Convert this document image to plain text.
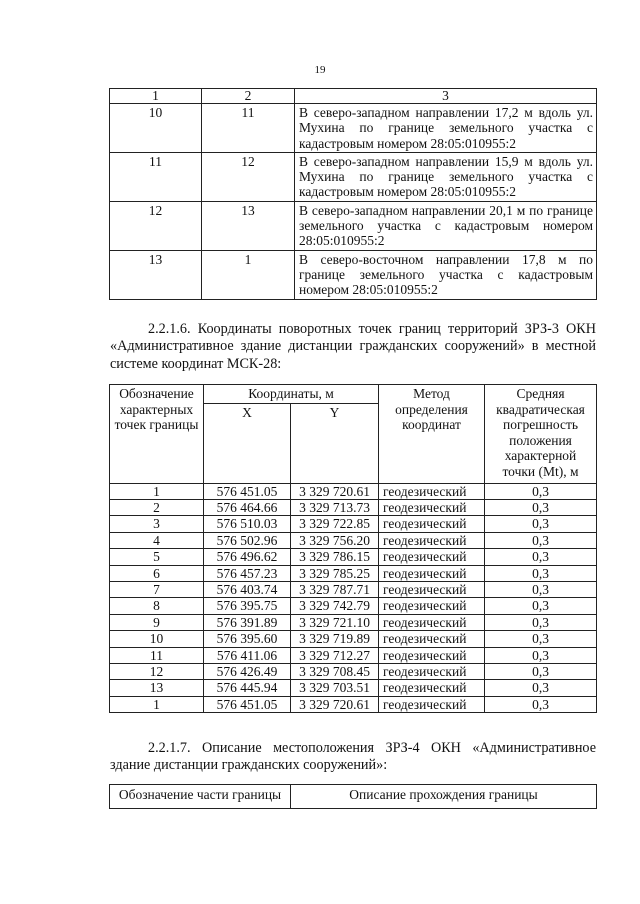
19
1	2	3
10	11	В северо-западном направлении 17,2 м вдоль ул. Мухина по границе земельного участка с кадастровым номером 28:05:010955:2
11	12	В северо-западном направлении 15,9 м вдоль ул. Мухина по границе земельного участка с кадастровым номером 28:05:010955:2
12	13	В северо-западном направлении 20,1 м по границе земельного участка с кадастровым номером 28:05:010955:2
13	1	В северо-восточном направлении 17,8 м по границе земельного участка с кадастровым номером 28:05:010955:2
2.2.1.6. Координаты поворотных точек границ территорий ЗРЗ-3 ОКН «Административное здание дистанции гражданских сооружений» в местной системе координат МСК-28:
Обозначение характерных точек границы	Координаты, м		Метод определения координат	Средняя квадратическая погрешность положения характерной точки (Mt), м
	X	Y		
1	576 451.05	3 329 720.61	геодезический	0,3
2	576 464.66	3 329 713.73	геодезический	0,3
3	576 510.03	3 329 722.85	геодезический	0,3
4	576 502.96	3 329 756.20	геодезический	0,3
5	576 496.62	3 329 786.15	геодезический	0,3
6	576 457.23	3 329 785.25	геодезический	0,3
7	576 403.74	3 329 787.71	геодезический	0,3
8	576 395.75	3 329 742.79	геодезический	0,3
9	576 391.89	3 329 721.10	геодезический	0,3
10	576 395.60	3 329 719.89	геодезический	0,3
11	576 411.06	3 329 712.27	геодезический	0,3
12	576 426.49	3 329 708.45	геодезический	0,3
13	576 445.94	3 329 703.51	геодезический	0,3
1	576 451.05	3 329 720.61	геодезический	0,3
2.2.1.7. Описание местоположения ЗРЗ-4 ОКН «Административное здание дистанции гражданских сооружений»:
Обозначение части границы	Описание прохождения границы
